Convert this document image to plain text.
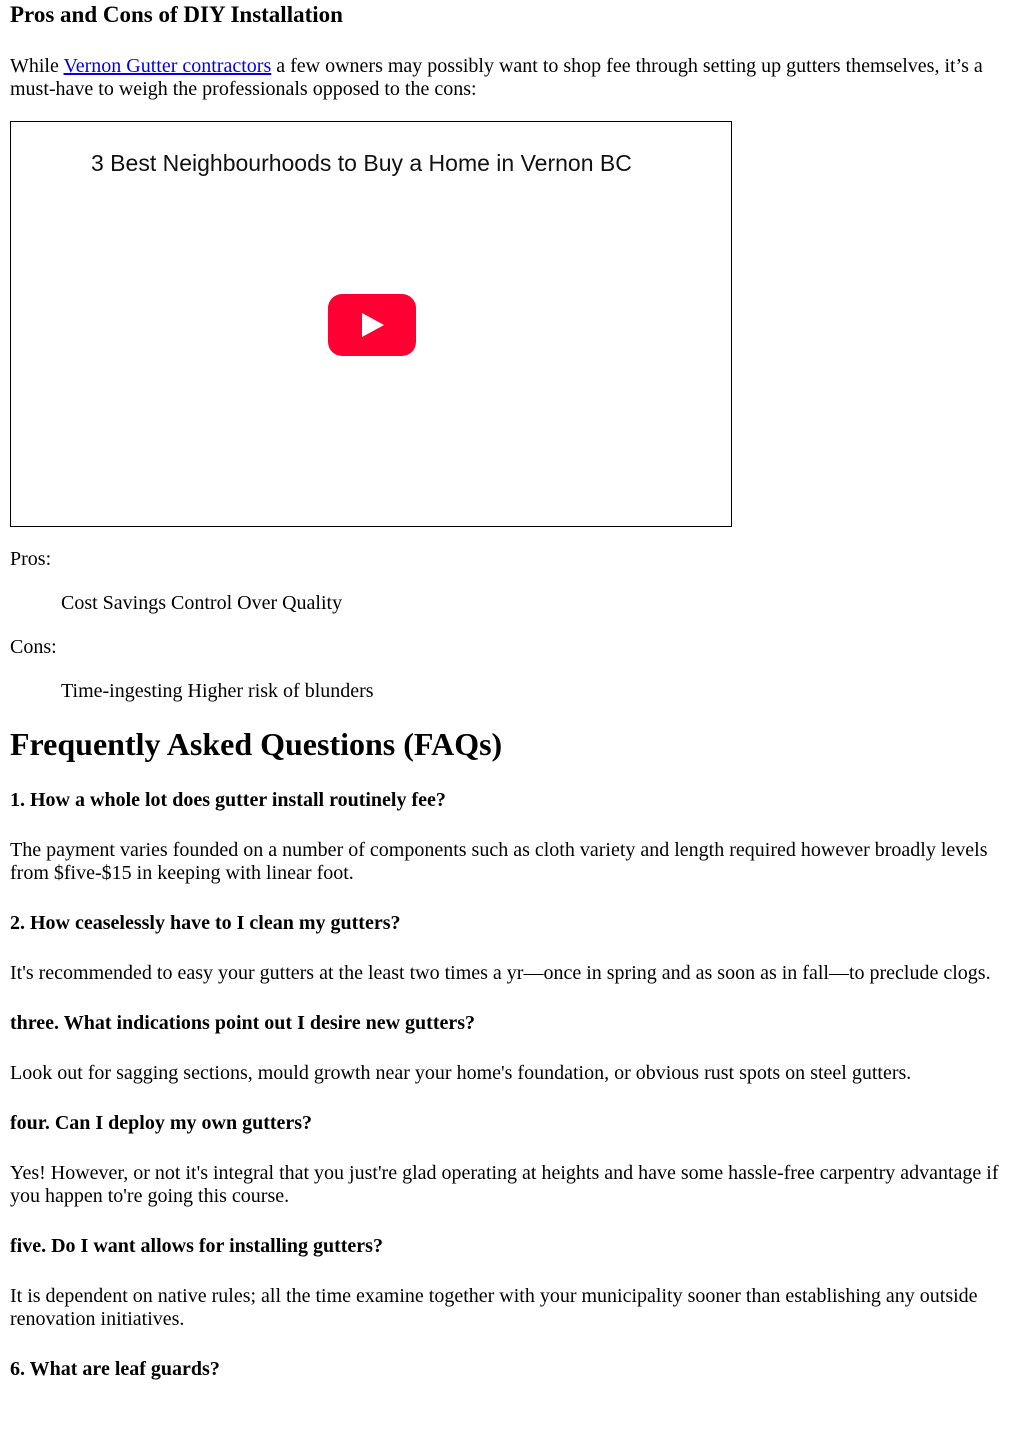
Pros and Cons of DIY Installation

While Vernon Gutter contractors a few owners may possibly want to shop fee through setting up gutters themselves, it’s a must-have to weigh the professionals opposed to the cons:

3 Best Neighbourhoods to Buy a Home in Vernon BC

Pros:

Cost Savings Control Over Quality

Cons:

Time-ingesting Higher risk of blunders

Frequently Asked Questions (FAQs)
1. How a whole lot does gutter install routinely fee?

The payment varies founded on a number of components such as cloth variety and length required however broadly levels from $five-$15 in keeping with linear foot.

2. How ceaselessly have to I clean my gutters?

It's recommended to easy your gutters at the least two times a yr—once in spring and as soon as in fall—to preclude clogs.

three. What indications point out I desire new gutters?

Look out for sagging sections, mould growth near your home's foundation, or obvious rust spots on steel gutters.

four. Can I deploy my own gutters?

Yes! However, or not it's integral that you just're glad operating at heights and have some hassle-free carpentry advantage if you happen to're going this course.

five. Do I want allows for installing gutters?

It is dependent on native rules; all the time examine together with your municipality sooner than establishing any outside renovation initiatives.

6. What are leaf guards?
